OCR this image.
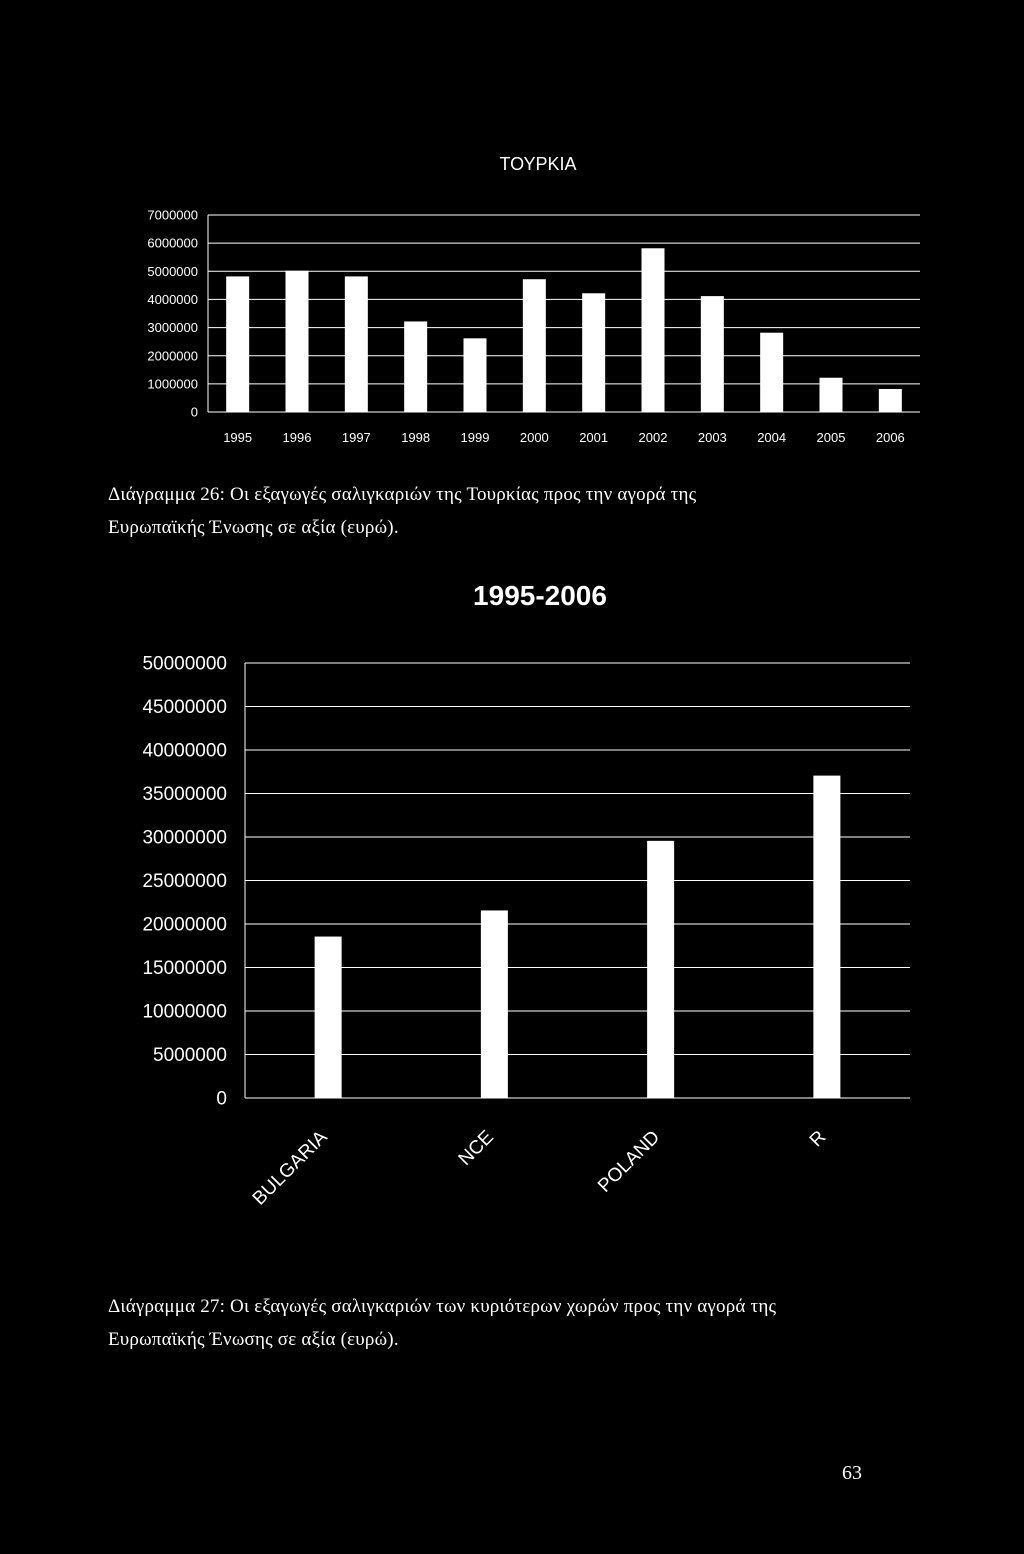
ΤΟΥΡΚΙΑ
7000000
6000000
5000000
4000000
3000000
2000000
1000000
0
1995 1996 1997 1998 1999 2000 2001 2002 2003 2004 2005 2006
Διάγραμμα 26: Οι εξαγωγές σαλιγκαριών της Τουρκίας προς την αγορά της
Ευρωπαϊκής Ένωσης σε αξία (ευρώ).
1995-2006
50000000
45000000
40000000
35000000
30000000
25000000
20000000
15000000
10000000
5000000
0
BULGARIA	NCE	POLAND	R
Διάγραμμα 27: Οι εξαγωγές σαλιγκαριών των κυριότερων χωρών προς την αγορά της
Ευρωπαϊκής Ένωσης σε αξία (ευρώ).
63
